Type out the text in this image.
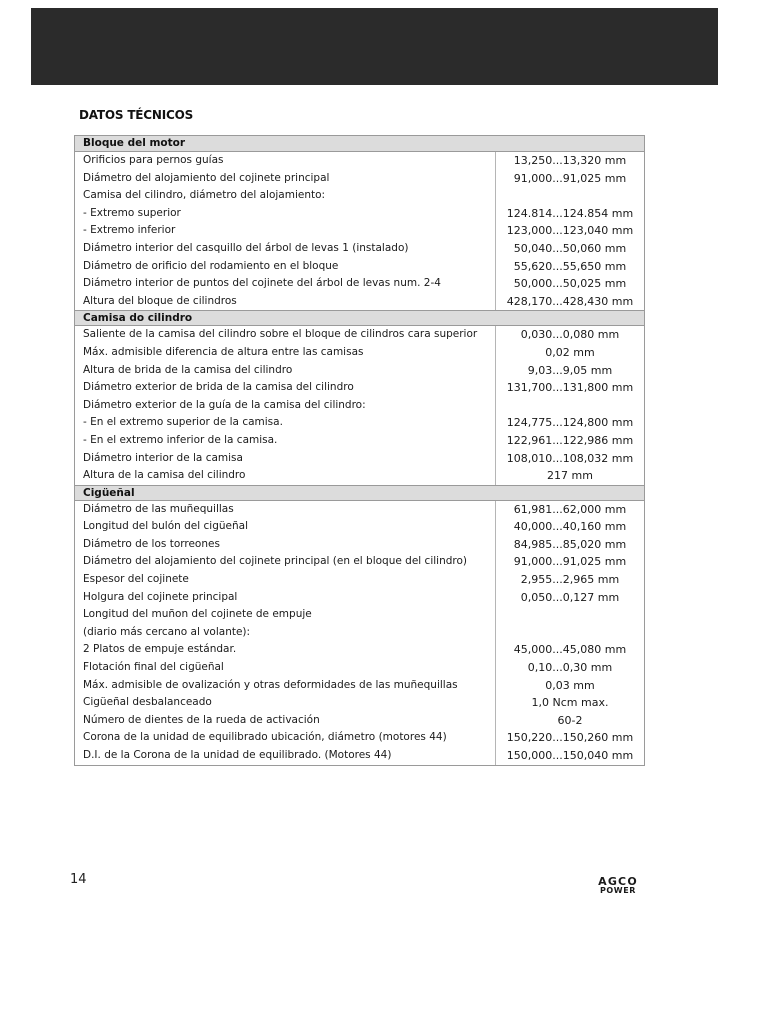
DATOS TÉCNICOS
Bloque del motor
Orificios para pernos guías	13,250...13,320 mm
Diámetro del alojamiento del cojinete principal	91,000...91,025 mm
Camisa del cilindro, diámetro del alojamiento:
- Extremo superior	124.814...124.854 mm
- Extremo inferior	123,000...123,040 mm
Diámetro interior del casquillo del árbol de levas 1 (instalado)	50,040...50,060 mm
Diámetro de orificio del rodamiento en el bloque	55,620...55,650 mm
Diámetro interior de puntos del cojinete del árbol de levas num. 2-4	50,000...50,025 mm
Altura del bloque de cilindros	428,170...428,430 mm
Camisa do cilindro
Saliente de la camisa del cilindro sobre el bloque de cilindros cara superior	0,030...0,080 mm
Máx. admisible diferencia de altura entre las camisas	0,02 mm
Altura de brida de la camisa del cilindro	9,03...9,05 mm
Diámetro exterior de brida de la camisa del cilindro	131,700...131,800 mm
Diámetro exterior de la guía de la camisa del cilindro:
- En el extremo superior de la camisa.	124,775...124,800 mm
- En el extremo inferior de la camisa.	122,961...122,986 mm
Diámetro interior de la camisa	108,010...108,032 mm
Altura de la camisa del cilindro	217 mm
Cigüeñal
Diámetro de las muñequillas	61,981...62,000 mm
Longitud del bulón del cigüeñal	40,000...40,160 mm
Diámetro de los torreones	84,985...85,020 mm
Diámetro del alojamiento del cojinete principal (en el bloque del cilindro)	91,000...91,025 mm
Espesor del cojinete	2,955...2,965 mm
Holgura del cojinete principal	0,050...0,127 mm
Longitud del muñon del cojinete de empuje
(diario más cercano al volante):
2 Platos de empuje estándar.	45,000...45,080 mm
Flotación final del cigüeñal	0,10...0,30 mm
Máx. admisible de ovalización y otras deformidades de las muñequillas	0,03 mm
Cigüeñal desbalanceado	1,0 Ncm max.
Número de dientes de la rueda de activación	60-2
Corona de la unidad de equilibrado ubicación, diámetro (motores 44)	150,220...150,260 mm
D.I. de la Corona de la unidad de equilibrado. (Motores 44)	150,000...150,040 mm
14	AGCO
POWER
